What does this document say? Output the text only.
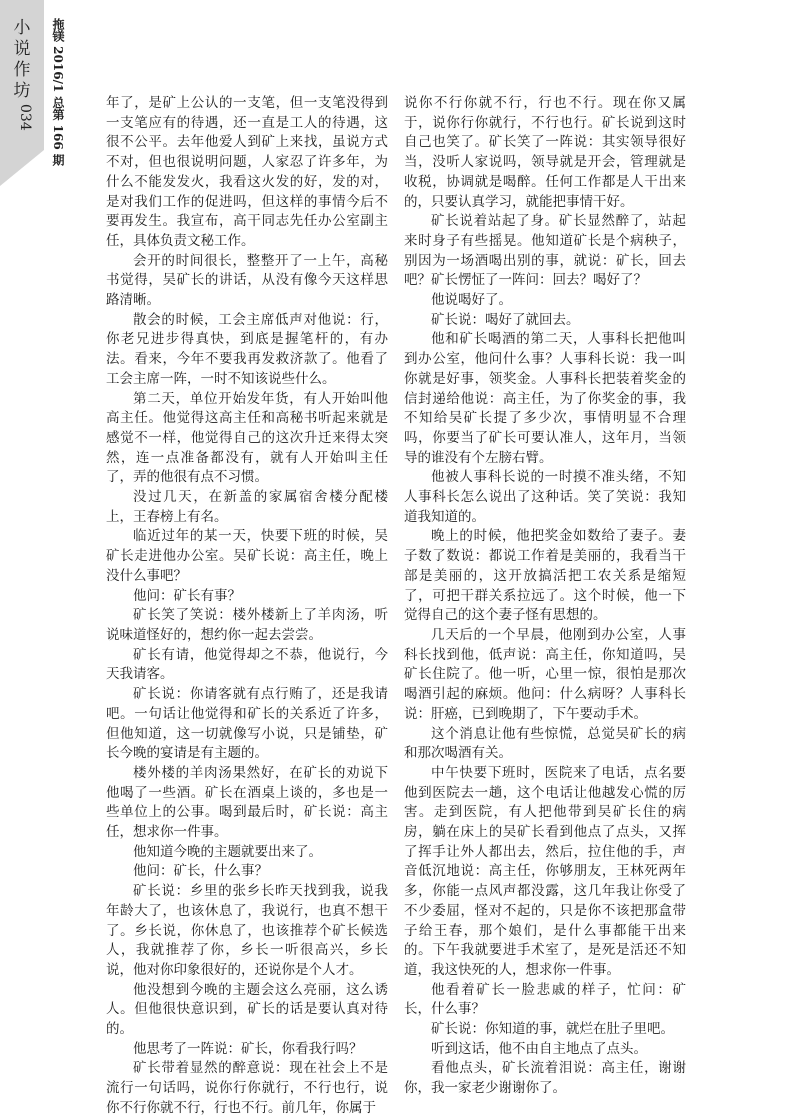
小
说
作
坊
034 拖镁 2016/1 总第 166 期	年了，是矿上公认的一支笔，但一支笔没得到一支笔应有的待遇，还一直是工人的待遇，这很不公平。去年他爱人到矿上来找，虽说方式不对，但也很说明问题，人家忍了许多年，为什么不能发发火，我看这火发的好，发的对，是对我们工作的促进吗，但这样的事情今后不要再发生。我宣布，高干同志先任办公室副主任，具体负责文秘工作。

会开的时间很长，整整开了一上午，高秘书觉得，吴矿长的讲话，从没有像今天这样思路清晰。

散会的时候，工会主席低声对他说：行，你老兄进步得真快，到底是握笔杆的，有办法。看来，今年不要我再发救济款了。他看了工会主席一阵，一时不知该说些什么。

第二天，单位开始发年货，有人开始叫他高主任。他觉得这高主任和高秘书听起来就是感觉不一样，他觉得自己的这次升迁来得太突然，连一点准备都没有，就有人开始叫主任了，弄的他很有点不习惯。

没过几天，在新盖的家属宿舍楼分配楼上，王春榜上有名。

临近过年的某一天，快要下班的时候，吴矿长走进他办公室。吴矿长说：高主任，晚上没什么事吧？

他问：矿长有事？

矿长笑了笑说：楼外楼新上了羊肉汤，听说味道怪好的，想约你一起去尝尝。

矿长有请，他觉得却之不恭，他说行，今天我请客。

矿长说：你请客就有点行贿了，还是我请吧。一句话让他觉得和矿长的关系近了许多，但他知道，这一切就像写小说，只是铺垫，矿长今晚的宴请是有主题的。

楼外楼的羊肉汤果然好，在矿长的劝说下他喝了一些酒。矿长在酒桌上谈的，多也是一些单位上的公事。喝到最后时，矿长说：高主任，想求你一件事。

他知道今晚的主题就要出来了。

他问：矿长，什么事？

矿长说：乡里的张乡长昨天找到我，说我年龄大了，也该休息了，我说行，也真不想干了。乡长说，你休息了，也该推荐个矿长候选人，我就推荐了你，乡长一听很高兴，乡长说，他对你印象很好的，还说你是个人才。

他没想到今晚的主题会这么亮丽，这么诱人。但他很快意识到，矿长的话是要认真对待的。

他思考了一阵说：矿长，你看我行吗？

矿长带着显然的醉意说：现在社会上不是流行一句话吗，说你行你就行，不行也行，说你不行你就不行，行也不行。前几年，你属于

说你不行你就不行，行也不行。现在你又属于，说你行你就行，不行也行。矿长说到这时自己也笑了。矿长笑了一阵说：其实领导很好当，没听人家说吗，领导就是开会，管理就是收税，协调就是喝醉。任何工作都是人干出来的，只要认真学习，就能把事情干好。

矿长说着站起了身。矿长显然醉了，站起来时身子有些摇晃。他知道矿长是个病秧子，别因为一场酒喝出别的事，就说：矿长，回去吧？矿长愣怔了一阵问：回去？喝好了？

他说喝好了。

矿长说：喝好了就回去。

他和矿长喝酒的第二天，人事科长把他叫到办公室，他问什么事？人事科长说：我一叫你就是好事，领奖金。人事科长把装着奖金的信封递给他说：高主任，为了你奖金的事，我不知给吴矿长提了多少次，事情明显不合理吗，你要当了矿长可要认准人，这年月，当领导的谁没有个左膀右臂。

他被人事科长说的一时摸不准头绪，不知人事科长怎么说出了这种话。笑了笑说：我知道我知道的。

晚上的时候，他把奖金如数给了妻子。妻子数了数说：都说工作着是美丽的，我看当干部是美丽的，这开放搞活把工农关系是缩短了，可把干群关系拉远了。这个时候，他一下觉得自己的这个妻子怪有思想的。

几天后的一个早晨，他刚到办公室，人事科长找到他，低声说：高主任，你知道吗，吴矿长住院了。他一听，心里一惊，很怕是那次喝酒引起的麻烦。他问：什么病呀？人事科长说：肝癌，已到晚期了，下午要动手术。

这个消息让他有些惊慌，总觉吴矿长的病和那次喝酒有关。

中午快要下班时，医院来了电话，点名要他到医院去一趟，这个电话让他越发心慌的厉害。走到医院，有人把他带到吴矿长住的病房，躺在床上的吴矿长看到他点了点头，又挥了挥手让外人都出去，然后，拉住他的手，声音低沉地说：高主任，你够朋友，王林死两年多，你能一点风声都没露，这几年我让你受了不少委屈，怪对不起的，只是你不该把那盒带子给王春，那个娘们，是什么事都能干出来的。下午我就要进手术室了，是死是活还不知道，我这快死的人，想求你一件事。

他看着矿长一脸悲戚的样子，忙问：矿长，什么事？

矿长说：你知道的事，就烂在肚子里吧。

听到这话，他不由自主地点了点头。

看他点头，矿长流着泪说：高主任，谢谢你，我一家老少谢谢你了。
